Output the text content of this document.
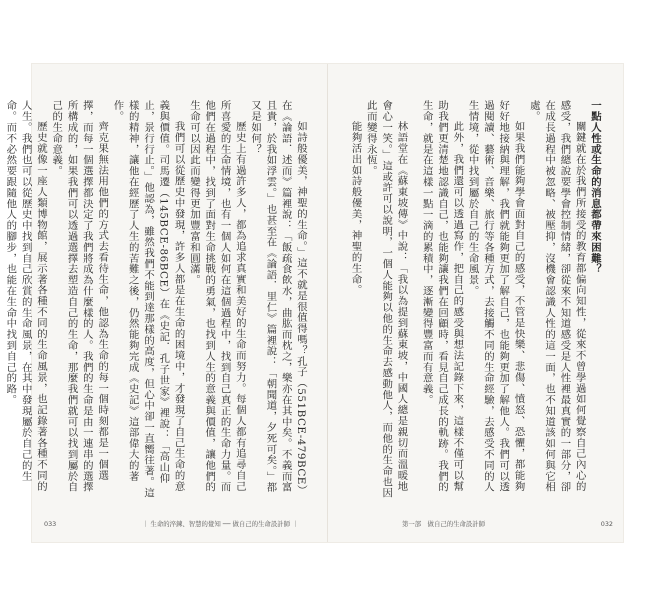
如詩般優美，神聖的生命。」這不就是很值得嗎？孔子（551BCE-479BCE）在《論語．述而》篇裡說：「飯疏食飲水，曲肱而枕之，樂亦在其中矣。不義而富且貴，於我如浮雲。」也甚至在《論語．里仁》篇裡說：「朝聞道，夕死可矣。」都又是如何？

歷史上有過許多人，都為追求真實和美好的生命而努力。每個人都有追尋自己所喜愛的生命情境，也有一個人如何在這個過程中，找到自己真正的生命力量。而他們在過程中，找到了面對生命挑戰的勇氣，也找到人生的意義與價值，讓他們的生命可以因此而變得更加豐富和圓滿。

我們可以從歷史中發現，許多人都是在生命的困境中，才發現了自己生命的意義與價值。司馬遷（145BCE-86BCE）在《史記．孔子世家》裡說：「高山仰止，景行行止。」他認為，雖然我們不能到達那樣的高度，但心中卻一直嚮往著。這樣的精神，讓他在經歷了人生的苦難之後，仍然能夠完成《史記》這部偉大的著作。

齊克果無法用他們的方式去看待生命，他認為生命的每一個時刻都是一個選擇，而每一個選擇都決定了我們將成為什麼樣的人。我們的生命是由一連串的選擇所構成的，如果我們可以透過選擇去塑造自己的生命，那麼我們就可以找到屬於自己的生命意義。

歷史就像一座人類博物館，展示著各種不同的生命風景，也記錄著各種不同的人生。我們也可以從歷史中找到自己欣賞的生命風景，在其中發現屬於自己的生命。而不必然要跟隨他人的腳步，也能在生命中找到自己的路。

033	｜ 生命的淬鍊、智慧的覺知 ── 做自己的生命設計師 ｜

一點人性或生命的消息都帶來困難？

關鍵就在於我們所接受的教育都偏向知性，從來不曾學過如何覺察自己內心的感受，我們總說要學會控制情緒，卻從來不知道感受是人性裡最真實的一部分，卻在成長過程中被忽略、被壓抑，沒機會認識人性的這一面，也不知道該如何與它相處。

如果我們能夠學會面對自己的感受，不管是快樂、悲傷、憤怒、恐懼，都能夠好好地接納與理解，我們就能夠更加了解自己，也能夠更加了解他人。我們可以透過閱讀、藝術、音樂、旅行等各種方式，去接觸不同的生命經驗，去感受不同的人生情境，從中找到屬於自己的生命風景。

此外，我們還可以透過寫作，把自己的感受與想法記錄下來，這樣不僅可以幫助我們更清楚地認識自己，也能夠讓我們在回顧時，看見自己成長的軌跡。我們的生命，就是在這樣一點一滴的累積中，逐漸變得豐富而有意義。

林語堂在《蘇東坡傳》中說：「我以為提到蘇東坡，中國人總是親切而溫暖地會心一笑。」這或許可以說明，一個人能夠以他的生命去感動他人，而他的生命也因此而變得永恆。

能夠活出如詩般優美，神聖的生命。

第一部　做自己的生命設計師	032
